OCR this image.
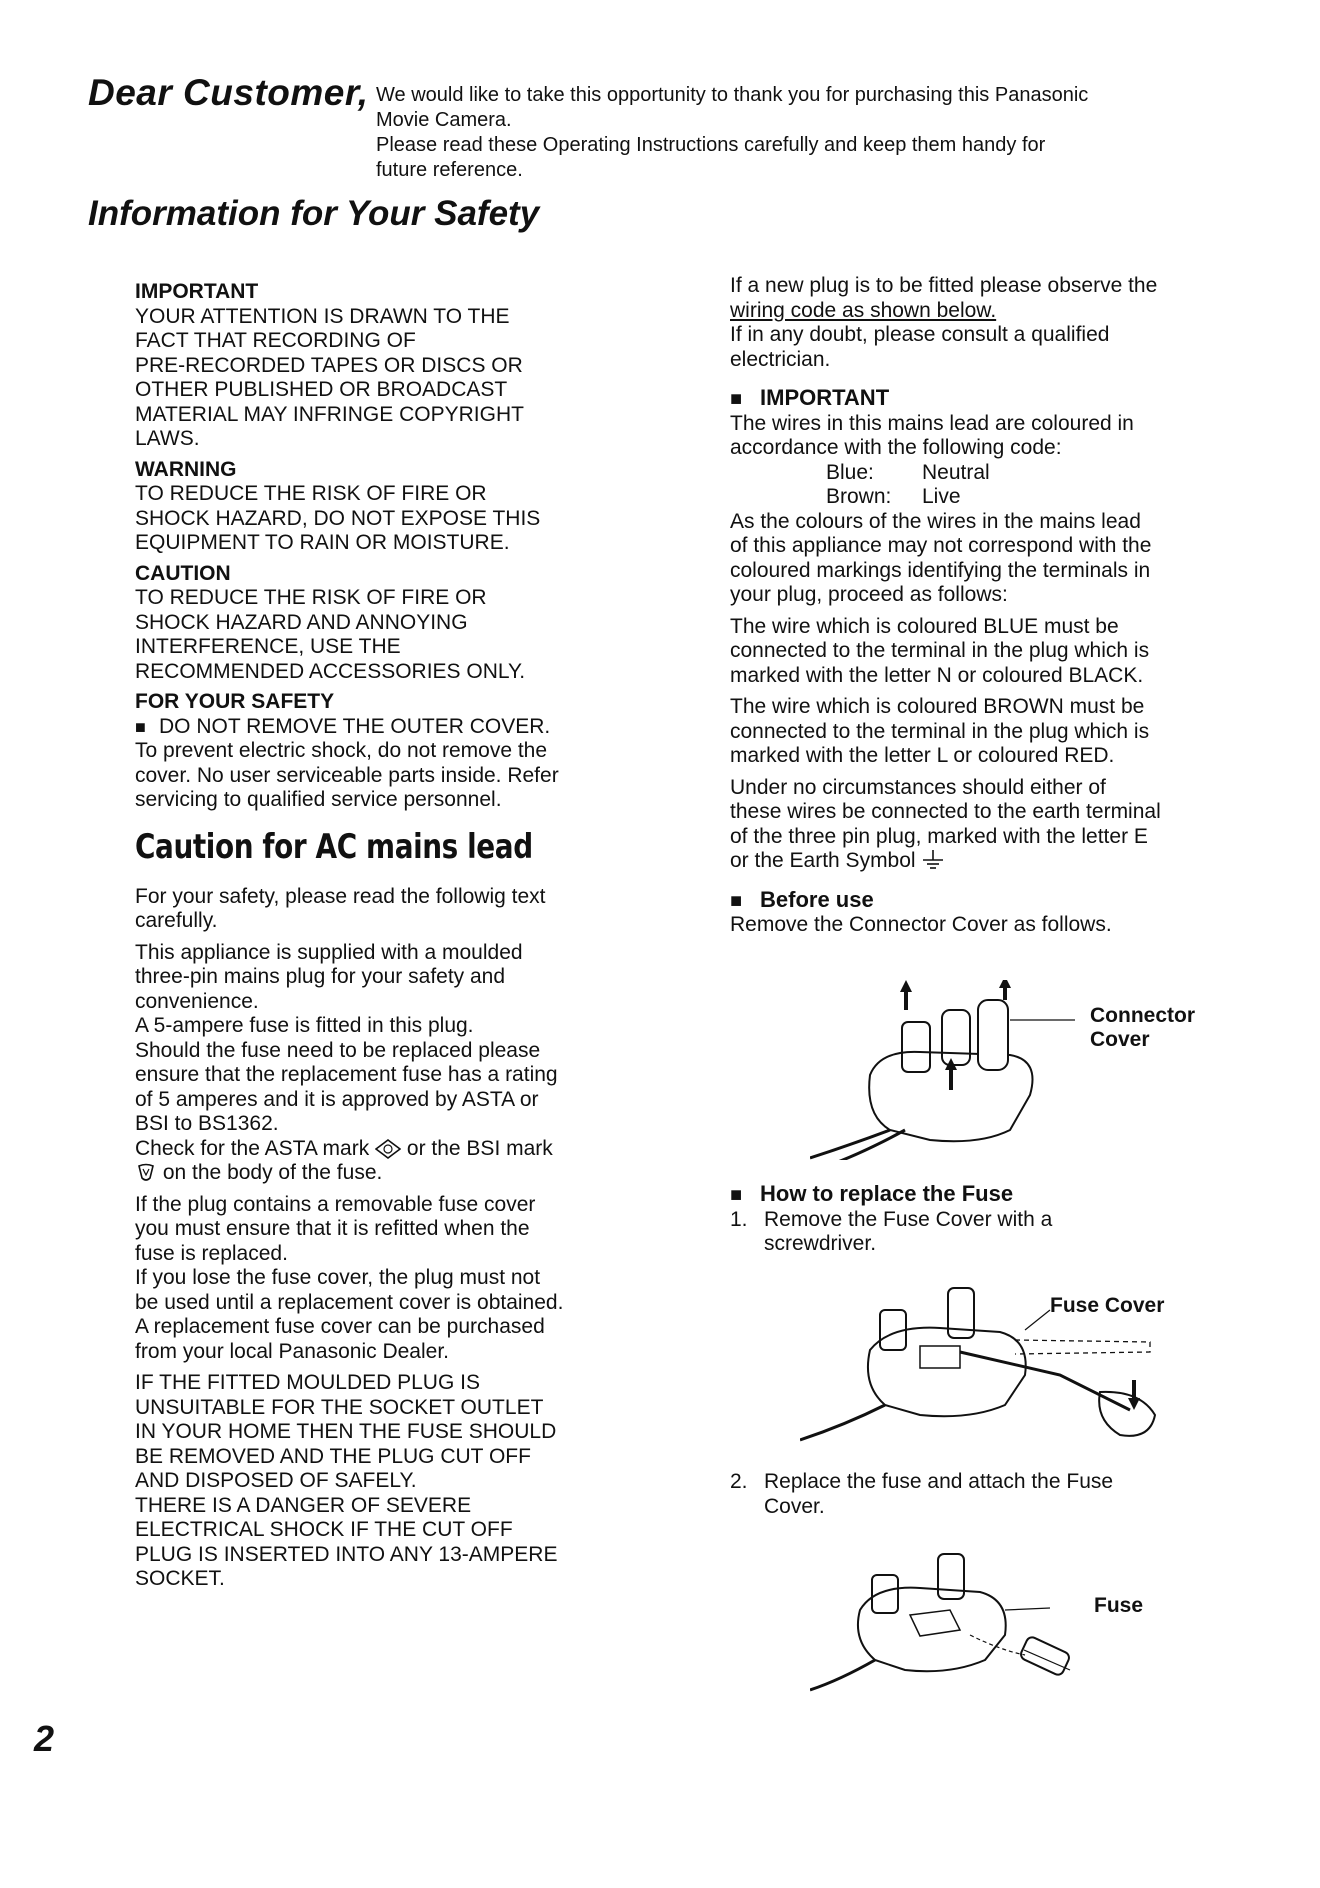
Dear Customer, We would like to take this opportunity to thank you for purchasing this Panasonic

Movie Camera.

Please read these Operating Instructions carefully and keep them handy for

future reference.

Information for Your Safety

IMPORTANT

YOUR ATTENTION IS DRAWN TO THE

FACT THAT RECORDING OF

PRE-RECORDED TAPES OR DISCS OR

OTHER PUBLISHED OR BROADCAST

MATERIAL MAY INFRINGE COPYRIGHT

LAWS.

WARNING

TO REDUCE THE RISK OF FIRE OR

SHOCK HAZARD, DO NOT EXPOSE THIS

EQUIPMENT TO RAIN OR MOISTURE.

CAUTION

TO REDUCE THE RISK OF FIRE OR

SHOCK HAZARD AND ANNOYING

INTERFERENCE, USE THE

RECOMMENDED ACCESSORIES ONLY.

FOR YOUR SAFETY

■ DO NOT REMOVE THE OUTER COVER.

To prevent electric shock, do not remove the

cover. No user serviceable parts inside. Refer

servicing to qualified service personnel.

Caution for AC mains lead

For your safety, please read the followig text

carefully.

This appliance is supplied with a moulded

three-pin mains plug for your safety and

convenience.

A 5-ampere fuse is fitted in this plug.

Should the fuse need to be replaced please

ensure that the replacement fuse has a rating

of 5 amperes and it is approved by ASTA or

BSI to BS1362.

Check for the ASTA mark or the BSI mark

on the body of the fuse.

If the plug contains a removable fuse cover

you must ensure that it is refitted when the

fuse is replaced.

If you lose the fuse cover, the plug must not

be used until a replacement cover is obtained.

A replacement fuse cover can be purchased

from your local Panasonic Dealer.

IF THE FITTED MOULDED PLUG IS

UNSUITABLE FOR THE SOCKET OUTLET

IN YOUR HOME THEN THE FUSE SHOULD

BE REMOVED AND THE PLUG CUT OFF

AND DISPOSED OF SAFELY.

THERE IS A DANGER OF SEVERE

ELECTRICAL SHOCK IF THE CUT OFF

PLUG IS INSERTED INTO ANY 13-AMPERE

SOCKET.

If a new plug is to be fitted please observe the

wiring code as shown below.

If in any doubt, please consult a qualified

electrician.

■ IMPORTANT

The wires in this mains lead are coloured in

accordance with the following code:

Blue: Neutral

Brown: Live

As the colours of the wires in the mains lead

of this appliance may not correspond with the

coloured markings identifying the terminals in

your plug, proceed as follows:

The wire which is coloured BLUE must be

connected to the terminal in the plug which is

marked with the letter N or coloured BLACK.

The wire which is coloured BROWN must be

connected to the terminal in the plug which is

marked with the letter L or coloured RED.

Under no circumstances should either of

these wires be connected to the earth terminal

of the three pin plug, marked with the letter E

or the Earth Symbol

■ Before use

Remove the Connector Cover as follows.

Connector
Cover

■ How to replace the Fuse

1. Remove the Fuse Cover with a

screwdriver.

Fuse Cover

2. Replace the fuse and attach the Fuse

Cover.

Fuse
2
